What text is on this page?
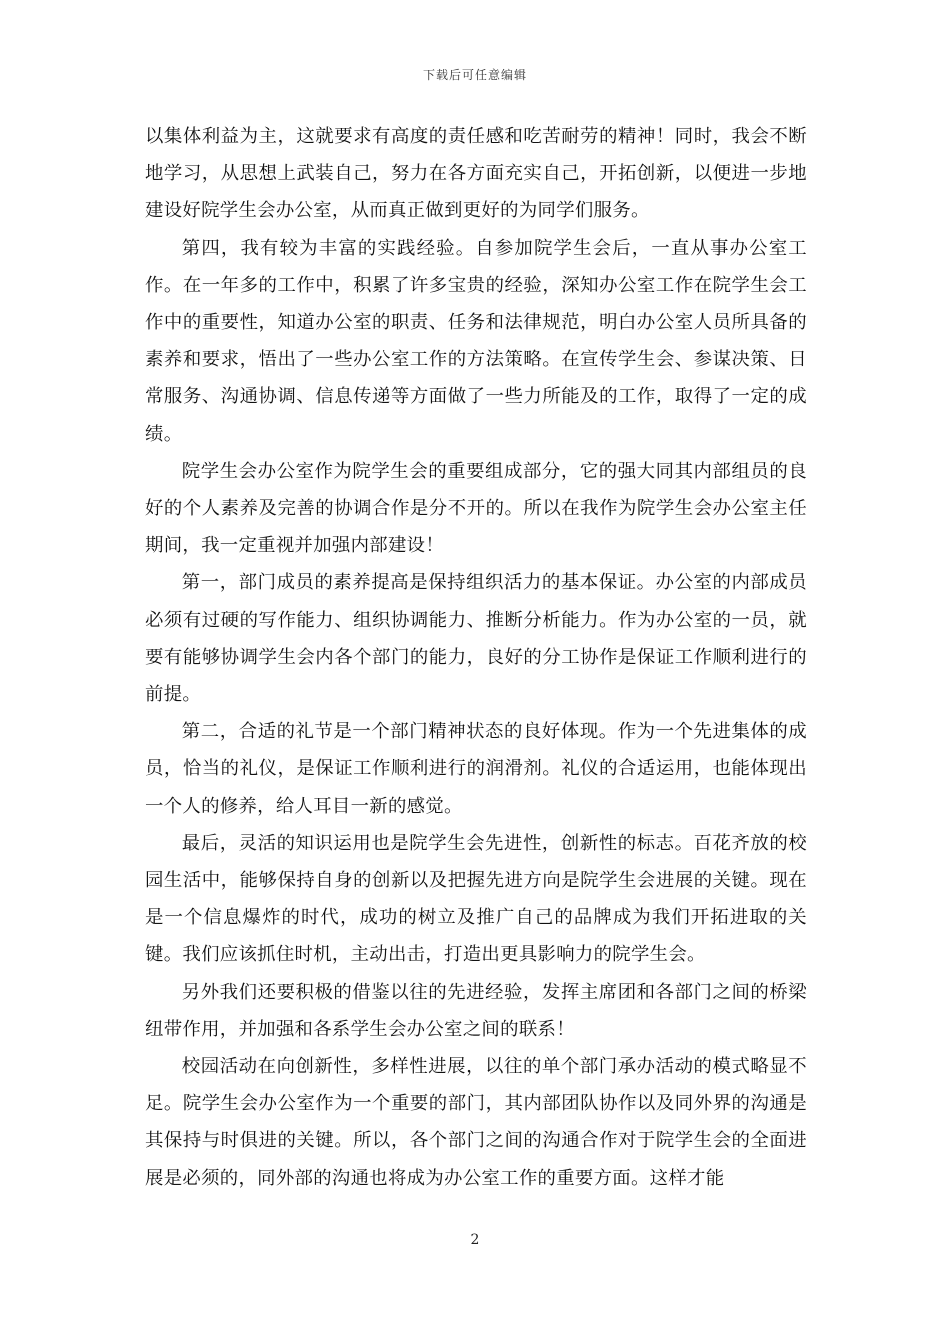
下载后可任意编辑

以集体利益为主，这就要求有高度的责任感和吃苦耐劳的精神！同时，我会不断地学习，从思想上武装自己，努力在各方面充实自己，开拓创新，以便进一步地建设好院学生会办公室，从而真正做到更好的为同学们服务。

第四，我有较为丰富的实践经验。自参加院学生会后，一直从事办公室工作。在一年多的工作中，积累了许多宝贵的经验，深知办公室工作在院学生会工作中的重要性，知道办公室的职责、任务和法律规范，明白办公室人员所具备的素养和要求，悟出了一些办公室工作的方法策略。在宣传学生会、参谋决策、日常服务、沟通协调、信息传递等方面做了一些力所能及的工作，取得了一定的成绩。

院学生会办公室作为院学生会的重要组成部分，它的强大同其内部组员的良好的个人素养及完善的协调合作是分不开的。所以在我作为院学生会办公室主任期间，我一定重视并加强内部建设！

第一，部门成员的素养提高是保持组织活力的基本保证。办公室的内部成员必须有过硬的写作能力、组织协调能力、推断分析能力。作为办公室的一员，就要有能够协调学生会内各个部门的能力，良好的分工协作是保证工作顺利进行的前提。

第二，合适的礼节是一个部门精神状态的良好体现。作为一个先进集体的成员，恰当的礼仪，是保证工作顺利进行的润滑剂。礼仪的合适运用，也能体现出一个人的修养，给人耳目一新的感觉。

最后，灵活的知识运用也是院学生会先进性，创新性的标志。百花齐放的校园生活中，能够保持自身的创新以及把握先进方向是院学生会进展的关键。现在是一个信息爆炸的时代，成功的树立及推广自己的品牌成为我们开拓进取的关键。我们应该抓住时机，主动出击，打造出更具影响力的院学生会。

另外我们还要积极的借鉴以往的先进经验，发挥主席团和各部门之间的桥梁纽带作用，并加强和各系学生会办公室之间的联系！

校园活动在向创新性，多样性进展，以往的单个部门承办活动的模式略显不足。院学生会办公室作为一个重要的部门，其内部团队协作以及同外界的沟通是其保持与时俱进的关键。所以，各个部门之间的沟通合作对于院学生会的全面进展是必须的，同外部的沟通也将成为办公室工作的重要方面。这样才能

2
